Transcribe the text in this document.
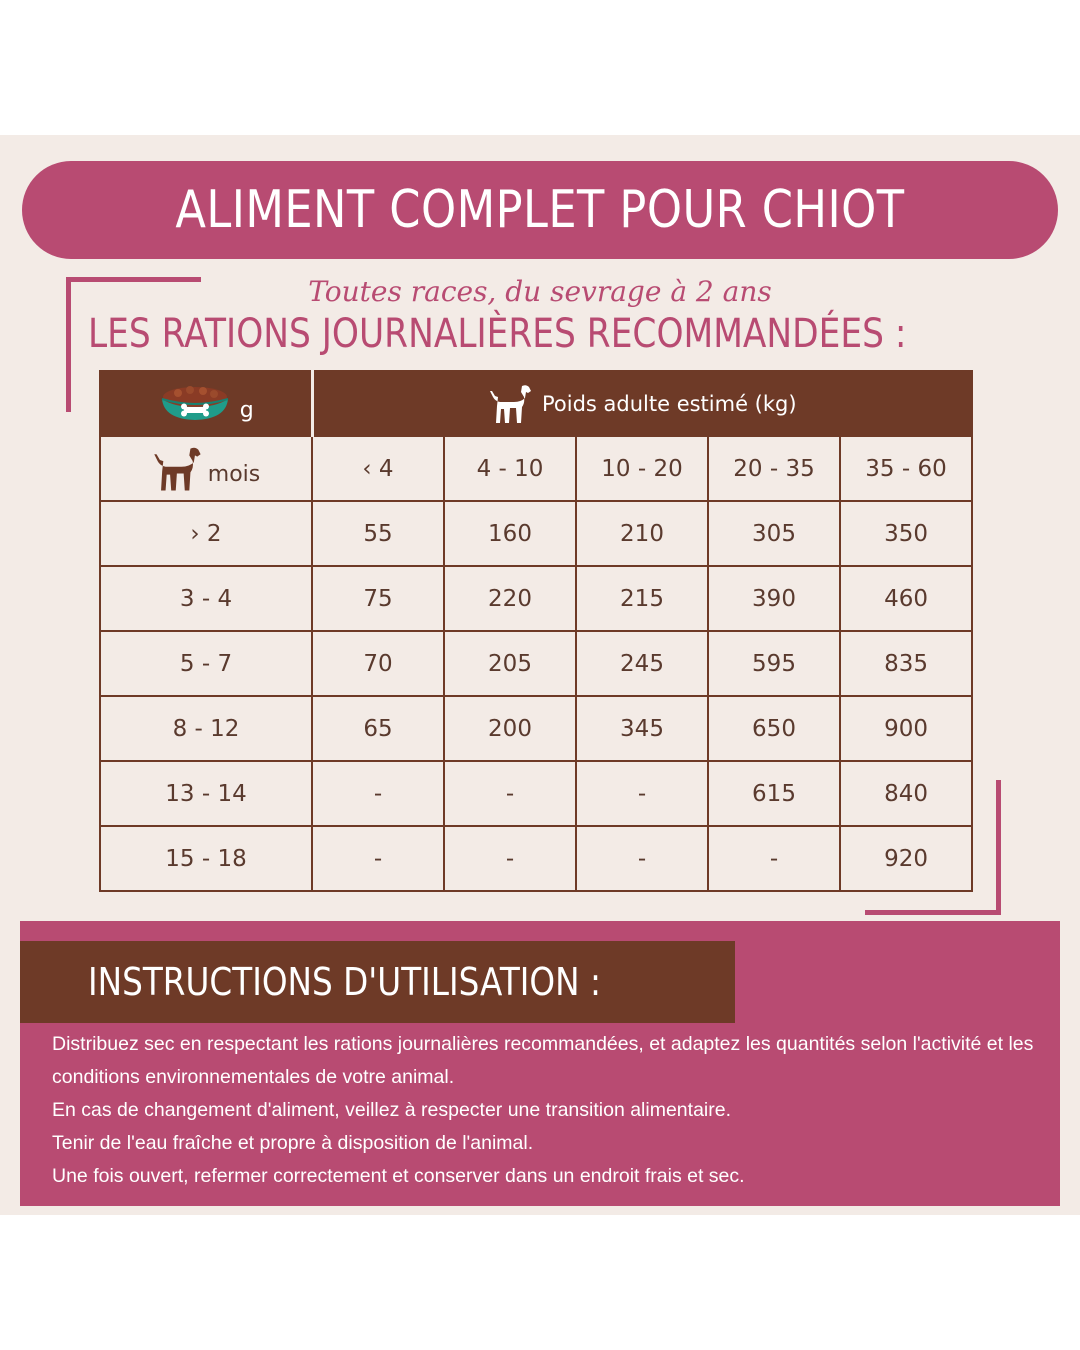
ALIMENT COMPLET POUR CHIOT
Toutes races, du sevrage à 2 ans
LES RATIONS JOURNALIÈRES RECOMMANDÉES :
g	Poids adulte estimé (kg)				

mois	‹ 4	4 - 10	10 - 20	20 - 35	35 - 60
› 2	55	160	210	305	350
3 - 4	75	220	215	390	460
5 - 7	70	205	245	595	835
8 - 12	65	200	345	650	900
13 - 14	-	-	-	615	840
15 - 18	-	-	-	-	920
INSTRUCTIONS D'UTILISATION :

Distribuez sec en respectant les rations journalières recommandées, et adaptez les quantités selon l'activité et les conditions environnementales de votre animal.

En cas de changement d'aliment, veillez à respecter une transition alimentaire.

Tenir de l'eau fraîche et propre à disposition de l'animal.

Une fois ouvert, refermer correctement et conserver dans un endroit frais et sec.
